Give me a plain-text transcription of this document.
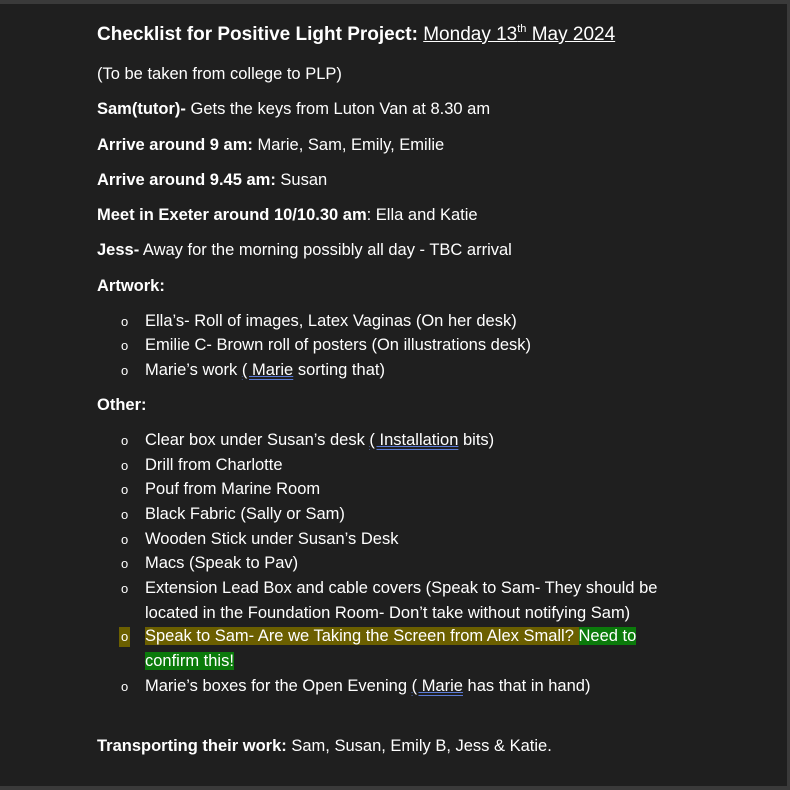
Checklist for Positive Light Project: Monday 13th May 2024
(To be taken from college to PLP)
Sam(tutor)- Gets the keys from Luton Van at 8.30 am
Arrive around 9 am: Marie, Sam, Emily, Emilie
Arrive around 9.45 am: Susan
Meet in Exeter around 10/10.30 am: Ella and Katie
Jess- Away for the morning possibly all day - TBC arrival
Artwork:
o Ella’s- Roll of images, Latex Vaginas (On her desk)
o Emilie C- Brown roll of posters (On illustrations desk)
o Marie’s work ( Marie sorting that)
Other:
o Clear box under Susan’s desk ( Installation bits)
o Drill from Charlotte
o Pouf from Marine Room
o Black Fabric (Sally or Sam)
o Wooden Stick under Susan’s Desk
o Macs (Speak to Pav)
o Extension Lead Box and cable covers (Speak to Sam- They should be
located in the Foundation Room- Don’t take without notifying Sam)
o Speak to Sam- Are we Taking the Screen from Alex Small? Need to
confirm this!
o Marie’s boxes for the Open Evening ( Marie has that in hand)
Transporting their work: Sam, Susan, Emily B, Jess & Katie.
